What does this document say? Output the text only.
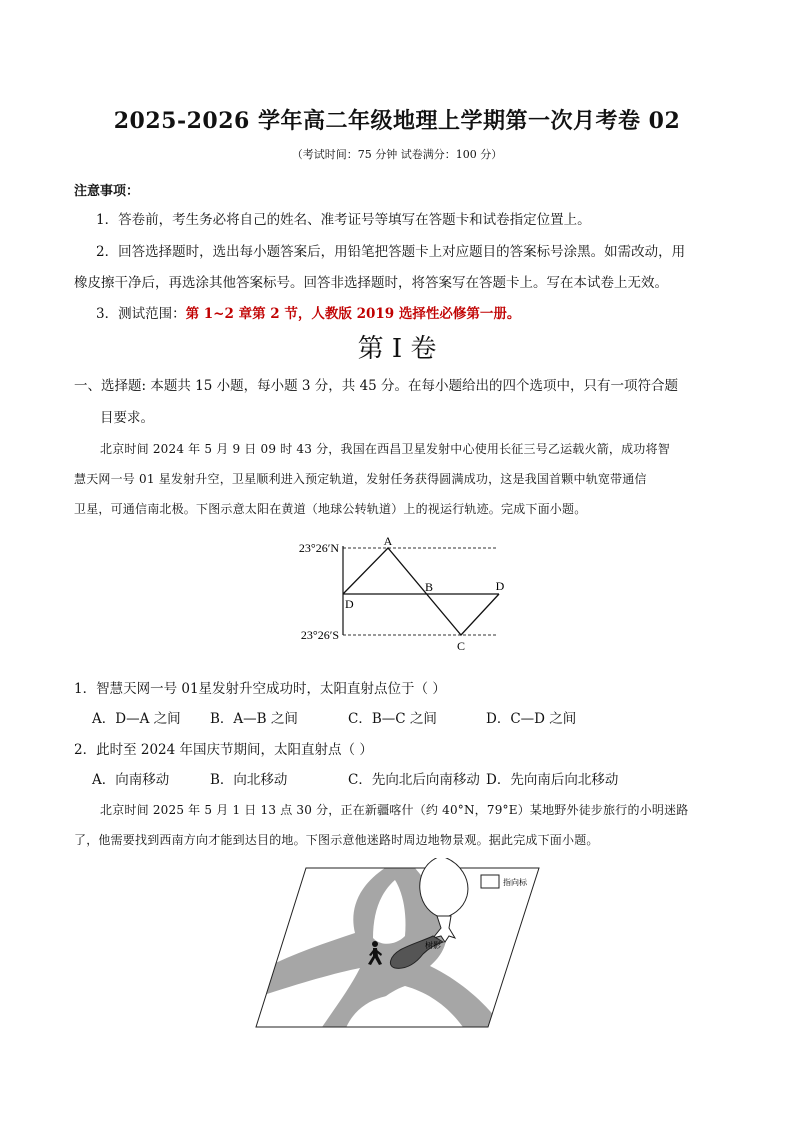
2025-2026 学年高二年级地理上学期第一次月考卷 02
（考试时间：75 分钟 试卷满分：100 分）
注意事项：
1．答卷前，考生务必将自己的姓名、准考证号等填写在答题卡和试卷指定位置上。
2．回答选择题时，选出每小题答案后，用铅笔把答题卡上对应题目的答案标号涂黑。如需改动，用
橡皮擦干净后，再选涂其他答案标号。回答非选择题时，将答案写在答题卡上。写在本试卷上无效。
3．测试范围：第 1~2 章第 2 节，人教版 2019 选择性必修第一册。
第 I 卷
一、选择题: 本题共 15 小题，每小题 3 分，共 45 分。在每小题给出的四个选项中，只有一项符合题
目要求。
北京时间 2024 年 5 月 9 日 09 时 43 分，我国在西昌卫星发射中心使用长征三号乙运载火箭，成功将智
慧天网一号 01 星发射升空，卫星顺利进入预定轨道，发射任务获得圆满成功，这是我国首颗中轨宽带通信
卫星，可通信南北极。下图示意太阳在黄道（地球公转轨道）上的视运行轨迹。完成下面小题。
23°26′N
23°26′S
A
B
C
D
D
1．智慧天网一号 01星发射升空成功时，太阳直射点位于（ ）
A．D—A 之间 B．A—B 之间	C．B—C 之间	D．C—D 之间
2．此时至 2024 年国庆节期间，太阳直射点（ ）
A．向南移动	B．向北移动	C．先向北后向南移动 D．先向南后向北移动
北京时间 2025 年 5 月 1 日 13 点 30 分，正在新疆喀什（约 40°N，79°E）某地野外徒步旅行的小明迷路
了，他需要找到西南方向才能到达目的地。下图示意他迷路时周边地物景观。据此完成下面小题。
树影
指向标
